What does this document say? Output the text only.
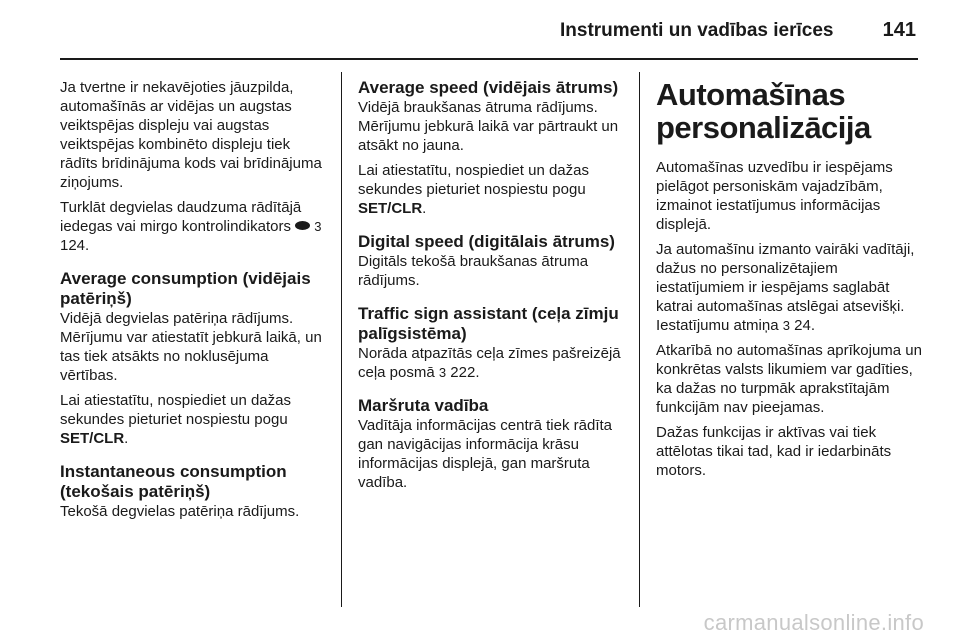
Instrumenti un vadības ierīces	141

Ja tvertne ir nekavējoties jāuzpilda, automašīnās ar vidējas un augstas veiktspējas displeju vai augstas veiktspējas kombinēto displeju tiek rādīts brīdinājuma kods vai brīdinājuma ziņojums.

Turklāt degvielas daudzuma rādītājā iedegas vai mirgo kontrolindikators 3 124.

Average consumption (vidējais patēriņš)

Vidējā degvielas patēriņa rādījums. Mērījumu var atiestatīt jebkurā laikā, un tas tiek atsākts no noklusējuma vērtības.

Lai atiestatītu, nospiediet un dažas sekundes pieturiet nospiestu pogu SET/CLR.

Instantaneous consumption (tekošais patēriņš)

Tekošā degvielas patēriņa rādījums.

Average speed (vidējais ātrums)

Vidējā braukšanas ātruma rādījums. Mērījumu jebkurā laikā var pārtraukt un atsākt no jauna.

Lai atiestatītu, nospiediet un dažas sekundes pieturiet nospiestu pogu SET/CLR.

Digital speed (digitālais ātrums)

Digitāls tekošā braukšanas ātruma rādījums.

Traffic sign assistant (ceļa zīmju palīgsistēma)

Norāda atpazītās ceļa zīmes pašreizējā ceļa posmā 3 222.

Maršruta vadība

Vadītāja informācijas centrā tiek rādīta gan navigācijas informācija krāsu informācijas displejā, gan maršruta vadība.

Automašīnas personalizācija

Automašīnas uzvedību ir iespējams pielāgot personiskām vajadzībām, izmainot iestatījumus informācijas displejā.

Ja automašīnu izmanto vairāki vadītāji, dažus no personalizētajiem iestatījumiem ir iespējams saglabāt katrai automašīnas atslēgai atsevišķi. Iestatījumu atmiņa 3 24.

Atkarībā no automašīnas aprīkojuma un konkrētas valsts likumiem var gadīties, ka dažas no turpmāk aprakstītajām funkcijām nav pieejamas.

Dažas funkcijas ir aktīvas vai tiek attēlotas tikai tad, kad ir iedarbināts motors.

carmanualsonline.info
